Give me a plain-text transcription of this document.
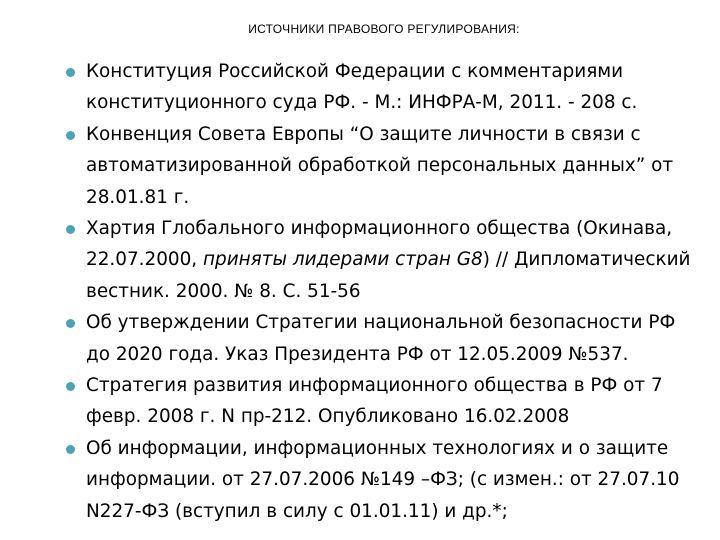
ИСТОЧНИКИ ПРАВОВОГО РЕГУЛИРОВАНИЯ:
Конституция Российской Федерации с комментариями конституционного суда РФ. - М.: ИНФРА-М, 2011. - 208 с.
Конвенция Совета Европы “О защите личности в связи с автоматизированной обработкой персональных данных” от 28.01.81 г.
Хартия Глобального информационного общества (Окинава, 22.07.2000, приняты лидерами стран G8) // Дипломатический вестник. 2000. № 8. С. 51-56
Об утверждении Стратегии национальной безопасности РФ до 2020 года. Указ Президента РФ от 12.05.2009 №537.
Стратегия развития информационного общества в РФ от 7 февр. 2008 г. N пр-212. Опубликовано 16.02.2008
Об информации, информационных технологиях и о защите информации. от 27.07.2006 №149 –ФЗ; (с измен.: от 27.07.10 N227-ФЗ (вступил в силу с 01.01.11) и др.*;
